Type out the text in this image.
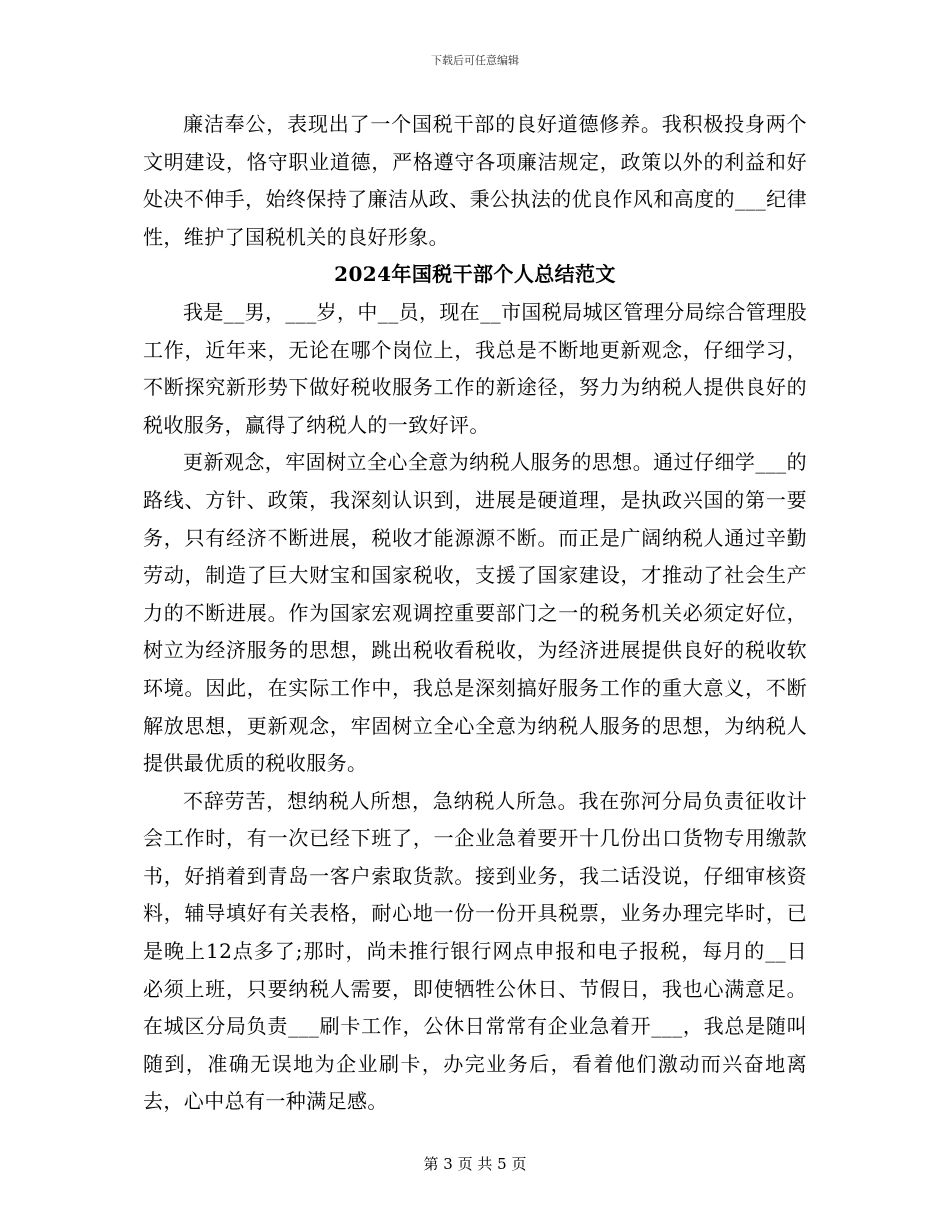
下载后可任意编辑

廉洁奉公，表现出了一个国税干部的良好道德修养。我积极投身两个文明建设，恪守职业道德，严格遵守各项廉洁规定，政策以外的利益和好处决不伸手，始终保持了廉洁从政、秉公执法的优良作风和高度的___纪律性，维护了国税机关的良好形象。

2024年国税干部个人总结范文

我是__男，___岁，中__员，现在__市国税局城区管理分局综合管理股工作，近年来，无论在哪个岗位上，我总是不断地更新观念，仔细学习，不断探究新形势下做好税收服务工作的新途径，努力为纳税人提供良好的税收服务，赢得了纳税人的一致好评。

更新观念，牢固树立全心全意为纳税人服务的思想。通过仔细学___的路线、方针、政策，我深刻认识到，进展是硬道理，是执政兴国的第一要务，只有经济不断进展，税收才能源源不断。而正是广阔纳税人通过辛勤劳动，制造了巨大财宝和国家税收，支援了国家建设，才推动了社会生产力的不断进展。作为国家宏观调控重要部门之一的税务机关必须定好位，树立为经济服务的思想，跳出税收看税收，为经济进展提供良好的税收软环境。因此，在实际工作中，我总是深刻搞好服务工作的重大意义，不断解放思想，更新观念，牢固树立全心全意为纳税人服务的思想，为纳税人提供最优质的税收服务。

不辞劳苦，想纳税人所想，急纳税人所急。我在弥河分局负责征收计会工作时，有一次已经下班了，一企业急着要开十几份出口货物专用缴款书，好捎着到青岛一客户索取货款。接到业务，我二话没说，仔细审核资料，辅导填好有关表格，耐心地一份一份开具税票，业务办理完毕时，已是晚上12点多了;那时，尚未推行银行网点申报和电子报税，每月的__日必须上班，只要纳税人需要，即使牺牲公休日、节假日，我也心满意足。在城区分局负责___刷卡工作，公休日常常有企业急着开___，我总是随叫随到，准确无误地为企业刷卡，办完业务后，看着他们激动而兴奋地离去，心中总有一种满足感。

第 3 页 共 5 页
